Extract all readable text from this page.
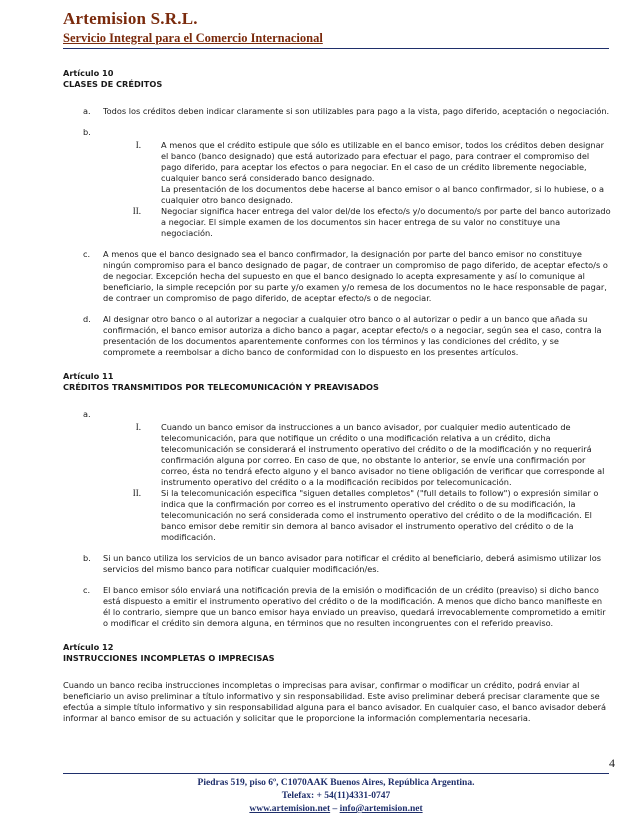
Artemision S.R.L.
Servicio Integral para el Comercio Internacional
Artículo 10
CLASES DE CRÉDITOS
a.	Todos los créditos deben indicar claramente si son utilizables para pago a la vista, pago diferido, aceptación o negociación.
b.
I.	A menos que el crédito estipule que sólo es utilizable en el banco emisor, todos los créditos deben designar el banco (banco designado) que está autorizado para efectuar el pago, para contraer el compromiso del pago diferido, para aceptar los efectos o para negociar. En el caso de un crédito libremente negociable, cualquier banco será considerado banco designado.
La presentación de los documentos debe hacerse al banco emisor o al banco confirmador, si lo hubiese, o a cualquier otro banco designado.
II.	Negociar significa hacer entrega del valor del/de los efecto/s y/o documento/s por parte del banco autorizado a negociar. El simple examen de los documentos sin hacer entrega de su valor no constituye una negociación.
c.	A menos que el banco designado sea el banco confirmador, la designación por parte del banco emisor no constituye ningún compromiso para el banco designado de pagar, de contraer un compromiso de pago diferido, de aceptar efecto/s o de negociar. Excepción hecha del supuesto en que el banco designado lo acepta expresamente y así lo comunique al beneficiario, la simple recepción por su parte y/o examen y/o remesa de los documentos no le hace responsable de pagar, de contraer un compromiso de pago diferido, de aceptar efecto/s o de negociar.
d.	Al designar otro banco o al autorizar a negociar a cualquier otro banco o al autorizar o pedir a un banco que añada su confirmación, el banco emisor autoriza a dicho banco a pagar, aceptar efecto/s o a negociar, según sea el caso, contra la presentación de los documentos aparentemente conformes con los términos y las condiciones del crédito, y se compromete a reembolsar a dicho banco de conformidad con lo dispuesto en los presentes artículos.
Artículo 11
CRÉDITOS TRANSMITIDOS POR TELECOMUNICACIÓN Y PREAVISADOS
a.
I.	Cuando un banco emisor da instrucciones a un banco avisador, por cualquier medio autenticado de telecomunicación, para que notifique un crédito o una modificación relativa a un crédito, dicha telecomunicación se considerará el instrumento operativo del crédito o de la modificación y no requerirá confirmación alguna por correo. En caso de que, no obstante lo anterior, se envíe una confirmación por correo, ésta no tendrá efecto alguno y el banco avisador no tiene obligación de verificar que corresponde al instrumento operativo del crédito o a la modificación recibidos por telecomunicación.
II.	Si la telecomunicación especifica "siguen detalles completos" ("full details to follow") o expresión similar o indica que la confirmación por correo es el instrumento operativo del crédito o de su modificación, la telecomunicación no será considerada como el instrumento operativo del crédito o de la modificación. El banco emisor debe remitir sin demora al banco avisador el instrumento operativo del crédito o de la modificación.
b.	Si un banco utiliza los servicios de un banco avisador para notificar el crédito al beneficiario, deberá asimismo utilizar los servicios del mismo banco para notificar cualquier modificación/es.
c.	El banco emisor sólo enviará una notificación previa de la emisión o modificación de un crédito (preaviso) si dicho banco está dispuesto a emitir el instrumento operativo del crédito o de la modificación. A menos que dicho banco manifieste en él lo contrario, siempre que un banco emisor haya enviado un preaviso, quedará irrevocablemente comprometido a emitir o modificar el crédito sin demora alguna, en términos que no resulten incongruentes con el referido preaviso.
Artículo 12
INSTRUCCIONES INCOMPLETAS O IMPRECISAS
Cuando un banco reciba instrucciones incompletas o imprecisas para avisar, confirmar o modificar un crédito, podrá enviar al beneficiario un aviso preliminar a título informativo y sin responsabilidad. Este aviso preliminar deberá precisar claramente que se efectúa a simple título informativo y sin responsabilidad alguna para el banco avisador. En cualquier caso, el banco avisador deberá informar al banco emisor de su actuación y solicitar que le proporcione la información complementaria necesaria.
4
Piedras 519, piso 6º, C1070AAK Buenos Aires, República Argentina.
Telefax: + 54(11)4331-0747
www.artemision.net – info@artemision.net
